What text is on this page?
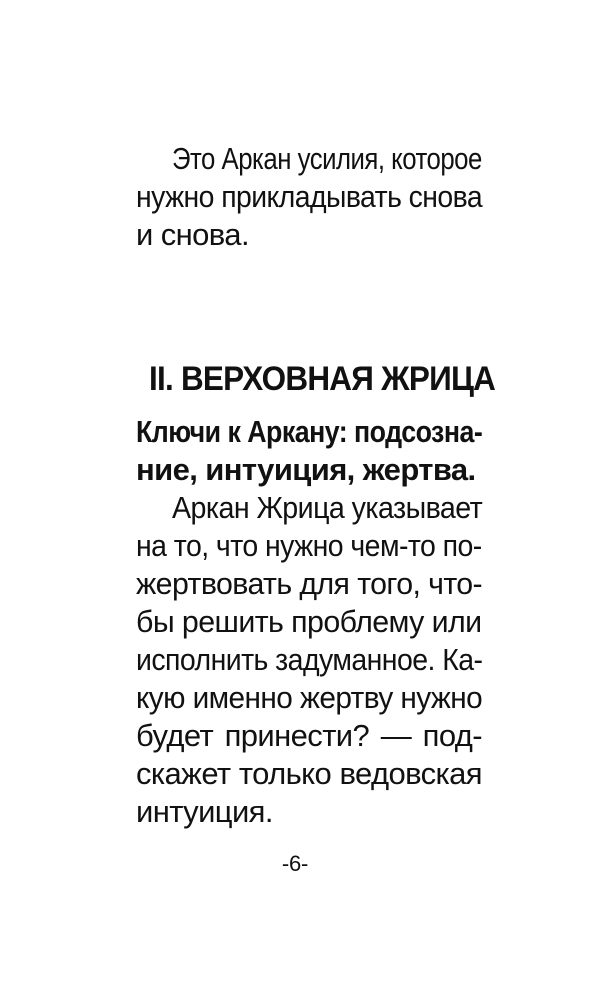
Это Аркан усилия, которое
нужно прикладывать снова
и снова.
II. ВЕРХОВНАЯ ЖРИЦА
Ключи к Аркану: подсозна-
ние, интуиция, жертва.
Аркан Жрица указывает
на то, что нужно чем-то по-
жертвовать для того, что-
бы решить проблему или
исполнить задуманное. Ка-
кую именно жертву нужно
будет принести? — под-
скажет только ведовская
интуиция.
-6-
